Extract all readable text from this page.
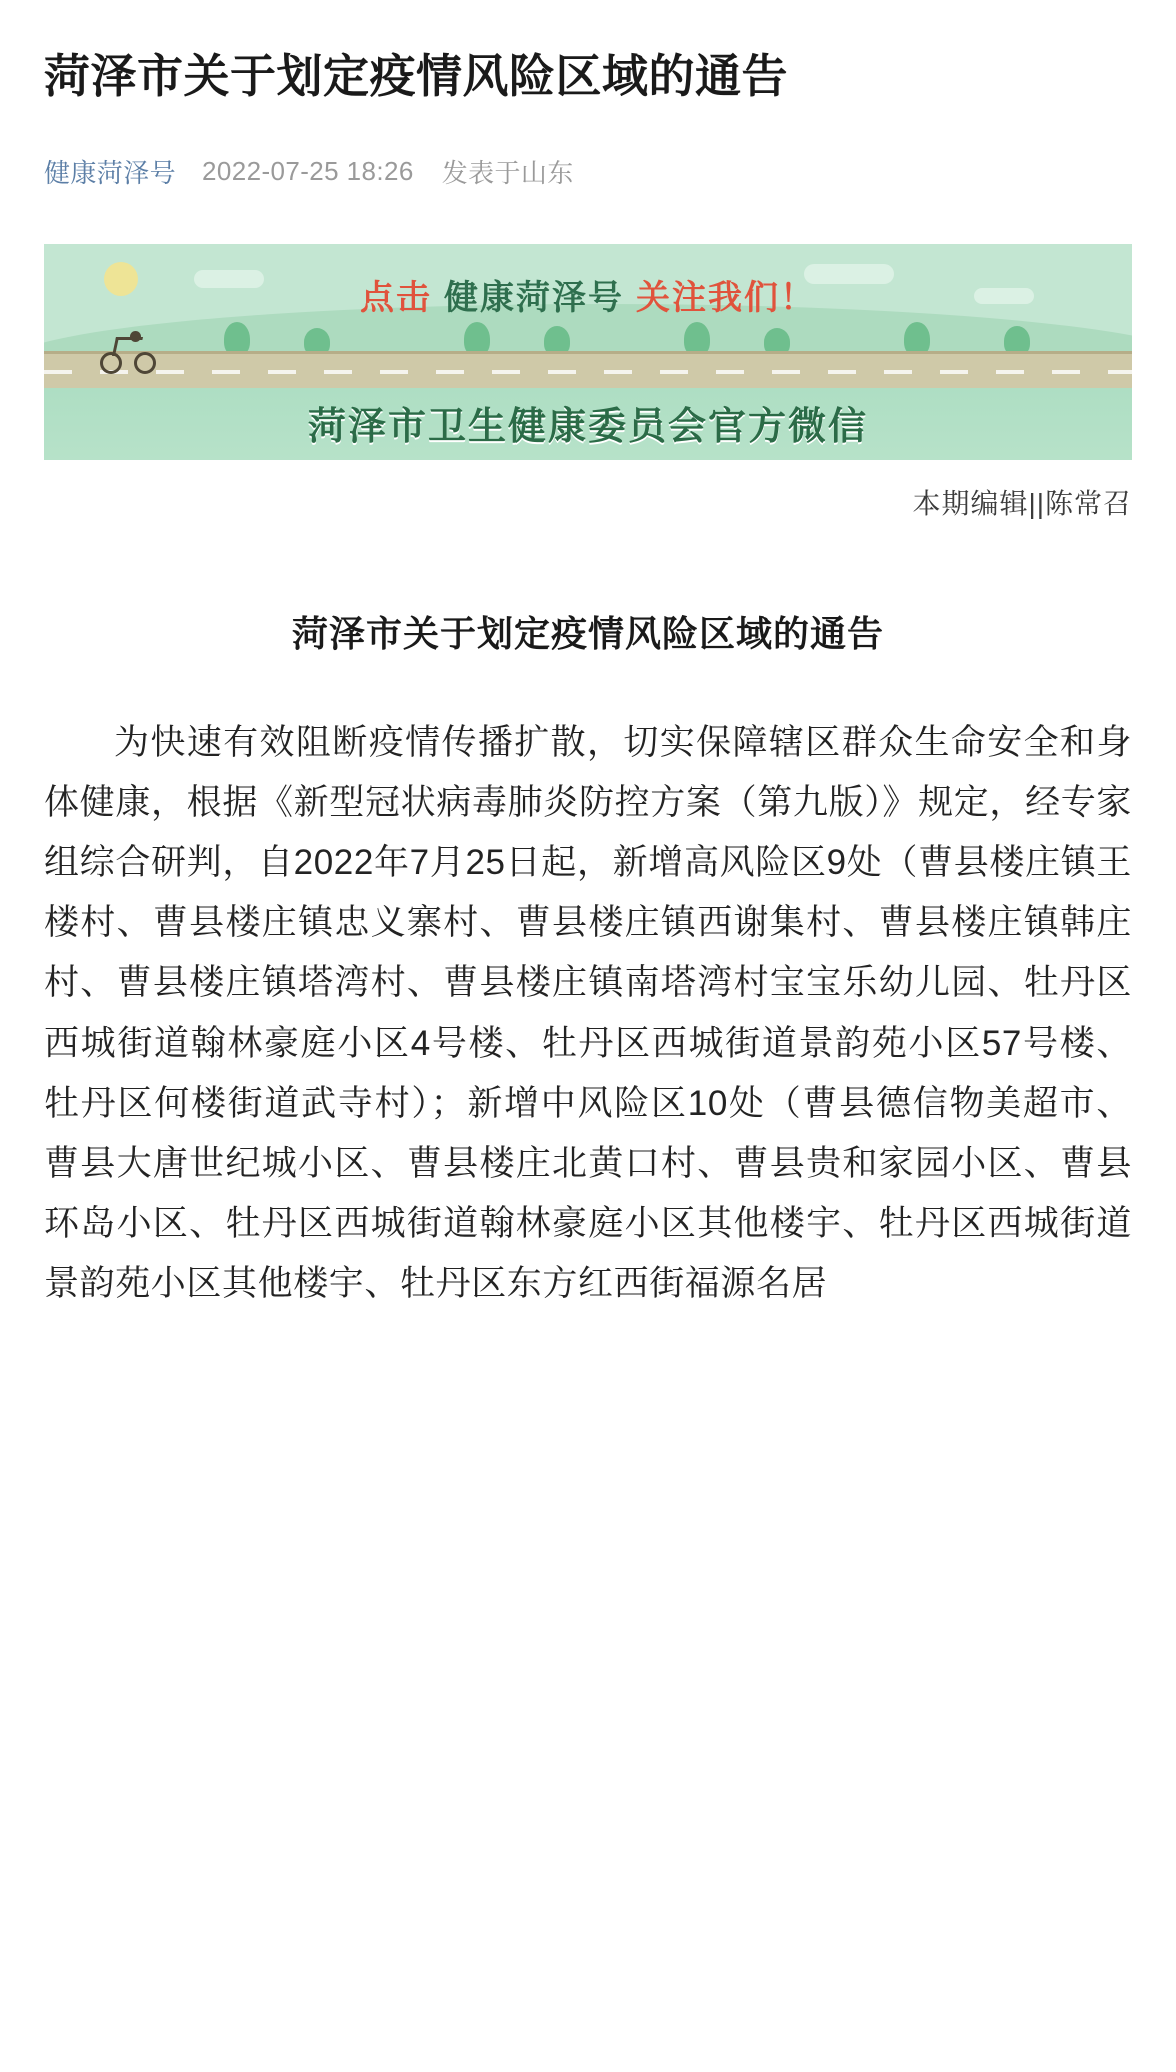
菏泽市关于划定疫情风险区域的通告
健康菏泽号 2022-07-25 18:26 发表于山东
点击 健康菏泽号 关注我们！
菏泽市卫生健康委员会官方微信
本期编辑||陈常召
菏泽市关于划定疫情风险区域的通告

为快速有效阻断疫情传播扩散，切实保障辖区群众生命安全和身体健康，根据《新型冠状病毒肺炎防控方案（第九版）》规定，经专家组综合研判，自2022年7月25日起，新增高风险区9处（曹县楼庄镇王楼村、曹县楼庄镇忠义寨村、曹县楼庄镇西谢集村、曹县楼庄镇韩庄村、曹县楼庄镇塔湾村、曹县楼庄镇南塔湾村宝宝乐幼儿园、牡丹区西城街道翰林豪庭小区4号楼、牡丹区西城街道景韵苑小区57号楼、牡丹区何楼街道武寺村）；新增中风险区10处（曹县德信物美超市、曹县大唐世纪城小区、曹县楼庄北黄口村、曹县贵和家园小区、曹县环岛小区、牡丹区西城街道翰林豪庭小区其他楼宇、牡丹区西城街道景韵苑小区其他楼宇、牡丹区东方红西街福源名居
